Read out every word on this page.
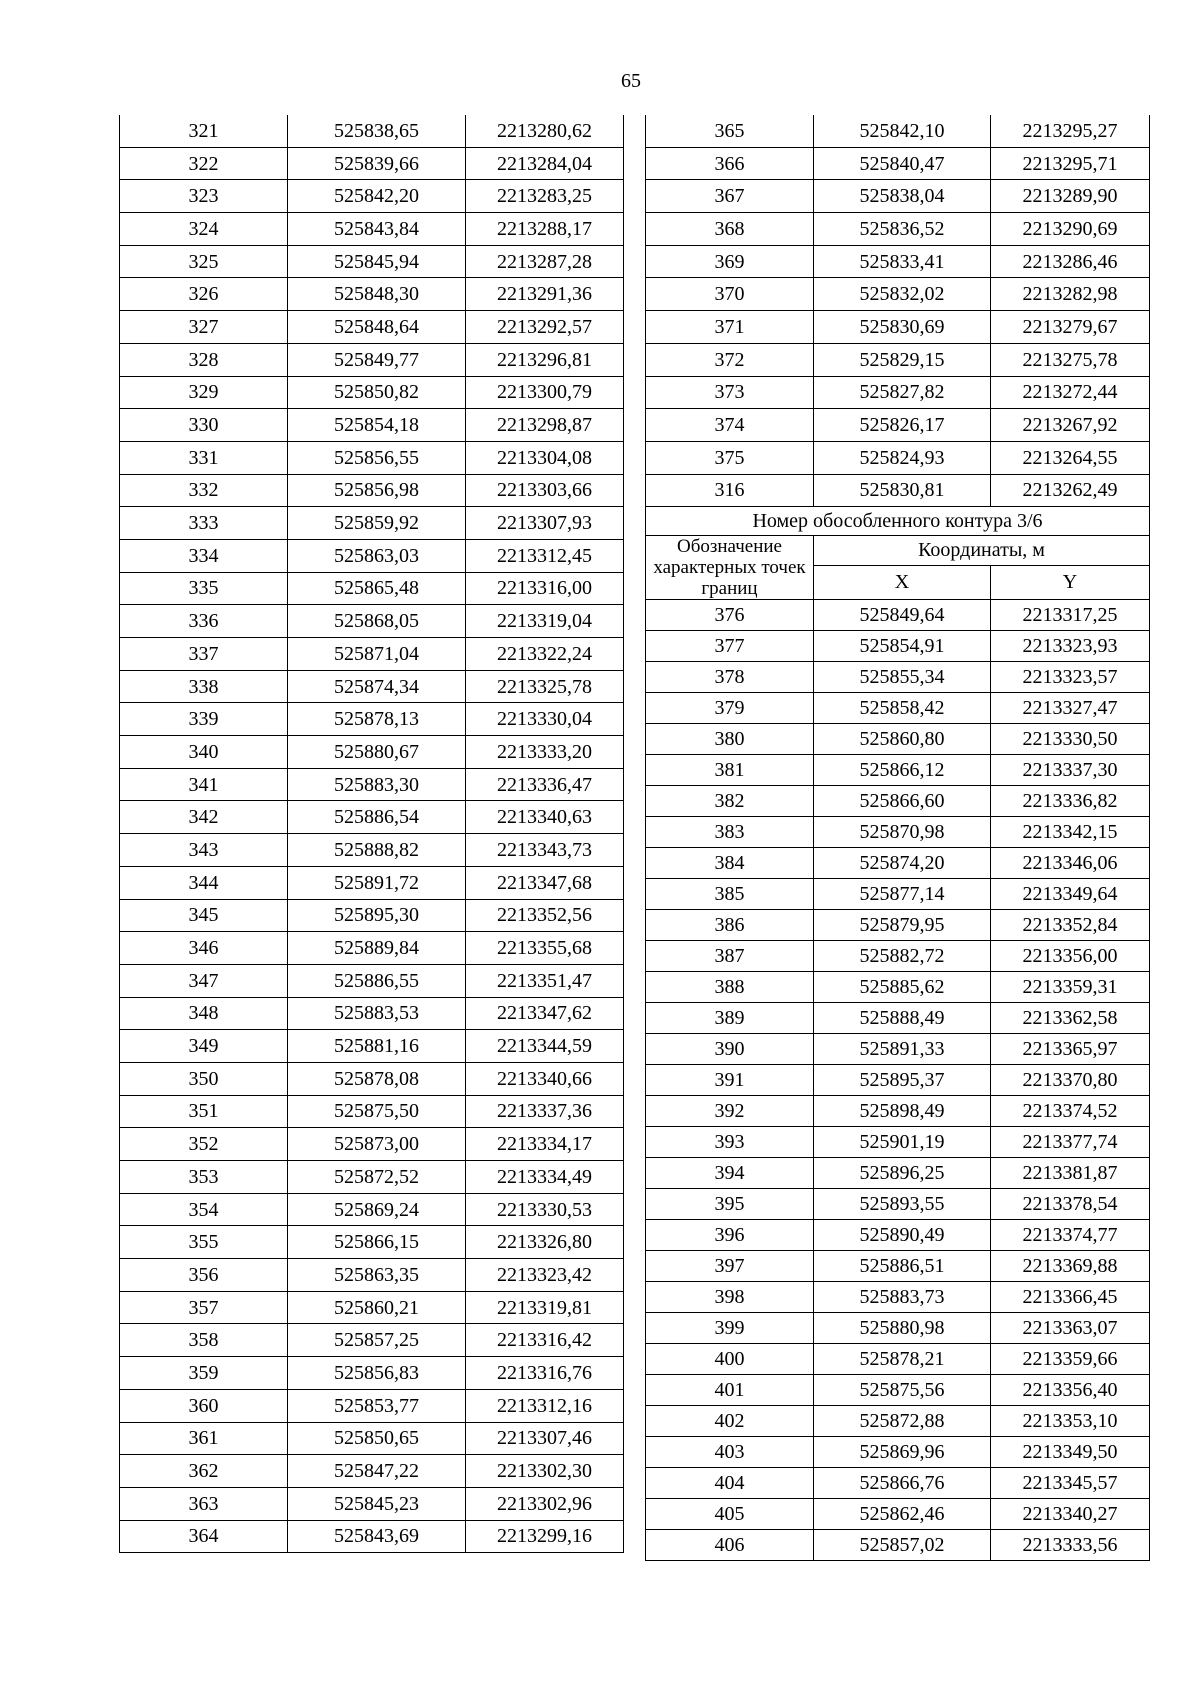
65
321	525838,65	2213280,62
322	525839,66	2213284,04
323	525842,20	2213283,25
324	525843,84	2213288,17
325	525845,94	2213287,28
326	525848,30	2213291,36
327	525848,64	2213292,57
328	525849,77	2213296,81
329	525850,82	2213300,79
330	525854,18	2213298,87
331	525856,55	2213304,08
332	525856,98	2213303,66
333	525859,92	2213307,93
334	525863,03	2213312,45
335	525865,48	2213316,00
336	525868,05	2213319,04
337	525871,04	2213322,24
338	525874,34	2213325,78
339	525878,13	2213330,04
340	525880,67	2213333,20
341	525883,30	2213336,47
342	525886,54	2213340,63
343	525888,82	2213343,73
344	525891,72	2213347,68
345	525895,30	2213352,56
346	525889,84	2213355,68
347	525886,55	2213351,47
348	525883,53	2213347,62
349	525881,16	2213344,59
350	525878,08	2213340,66
351	525875,50	2213337,36
352	525873,00	2213334,17
353	525872,52	2213334,49
354	525869,24	2213330,53
355	525866,15	2213326,80
356	525863,35	2213323,42
357	525860,21	2213319,81
358	525857,25	2213316,42
359	525856,83	2213316,76
360	525853,77	2213312,16
361	525850,65	2213307,46
362	525847,22	2213302,30
363	525845,23	2213302,96
364	525843,69	2213299,16
365	525842,10	2213295,27
366	525840,47	2213295,71
367	525838,04	2213289,90
368	525836,52	2213290,69
369	525833,41	2213286,46
370	525832,02	2213282,98
371	525830,69	2213279,67
372	525829,15	2213275,78
373	525827,82	2213272,44
374	525826,17	2213267,92
375	525824,93	2213264,55
316	525830,81	2213262,49
Номер обособленного контура 3/6		
Обозначение характерных точек границ	Координаты, м	
	X	Y
376	525849,64	2213317,25
377	525854,91	2213323,93
378	525855,34	2213323,57
379	525858,42	2213327,47
380	525860,80	2213330,50
381	525866,12	2213337,30
382	525866,60	2213336,82
383	525870,98	2213342,15
384	525874,20	2213346,06
385	525877,14	2213349,64
386	525879,95	2213352,84
387	525882,72	2213356,00
388	525885,62	2213359,31
389	525888,49	2213362,58
390	525891,33	2213365,97
391	525895,37	2213370,80
392	525898,49	2213374,52
393	525901,19	2213377,74
394	525896,25	2213381,87
395	525893,55	2213378,54
396	525890,49	2213374,77
397	525886,51	2213369,88
398	525883,73	2213366,45
399	525880,98	2213363,07
400	525878,21	2213359,66
401	525875,56	2213356,40
402	525872,88	2213353,10
403	525869,96	2213349,50
404	525866,76	2213345,57
405	525862,46	2213340,27
406	525857,02	2213333,56
